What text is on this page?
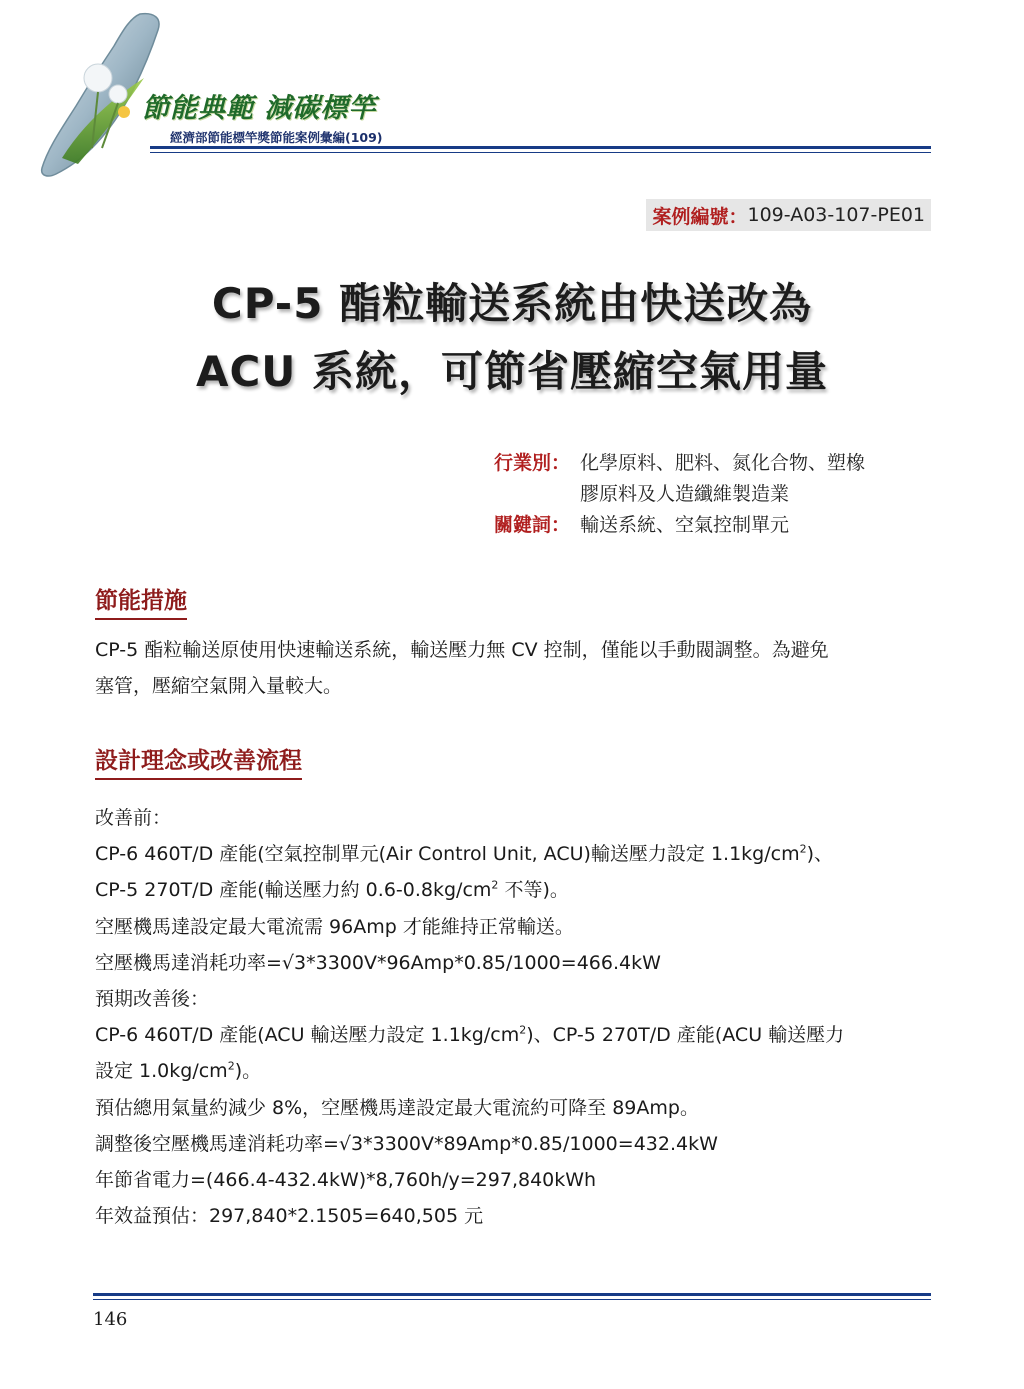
節能典範 減碳標竿
經濟部節能標竿獎節能案例彙編(109)
案例編號： 109-A03-107-PE01
CP-5 酯粒輸送系統由快送改為
ACU 系統，可節省壓縮空氣用量
行業別： 化學原料、肥料、氮化合物、塑橡
膠原料及人造纖維製造業
關鍵詞： 輸送系統、空氣控制單元
節能措施
CP-5 酯粒輸送原使用快速輸送系統，輸送壓力無 CV 控制，僅能以手動閥調整。為避免
塞管，壓縮空氣開入量較大。
設計理念或改善流程
改善前：
CP-6 460T/D 產能(空氣控制單元(Air Control Unit, ACU)輸送壓力設定 $1.1kg/cm^2$)、
CP-5 270T/D 產能(輸送壓力約 $0.6-0.8kg/cm^2$ 不等)。
空壓機馬達設定最大電流需 96Amp 才能維持正常輸送。
空壓機馬達消耗功率=√3*3300V*96Amp*0.85/1000=466.4kW
預期改善後：
CP-6 460T/D 產能(ACU 輸送壓力設定 $1.1kg/cm^2$)、CP-5 270T/D 產能(ACU 輸送壓力
設定 $1.0kg/cm^2$)。
預估總用氣量約減少 8%，空壓機馬達設定最大電流約可降至 89Amp。
調整後空壓機馬達消耗功率=√3*3300V*89Amp*0.85/1000=432.4kW
年節省電力=(466.4-432.4kW)*8,760h/y=297,840kWh
年效益預估：297,840*2.1505=640,505 元
146
